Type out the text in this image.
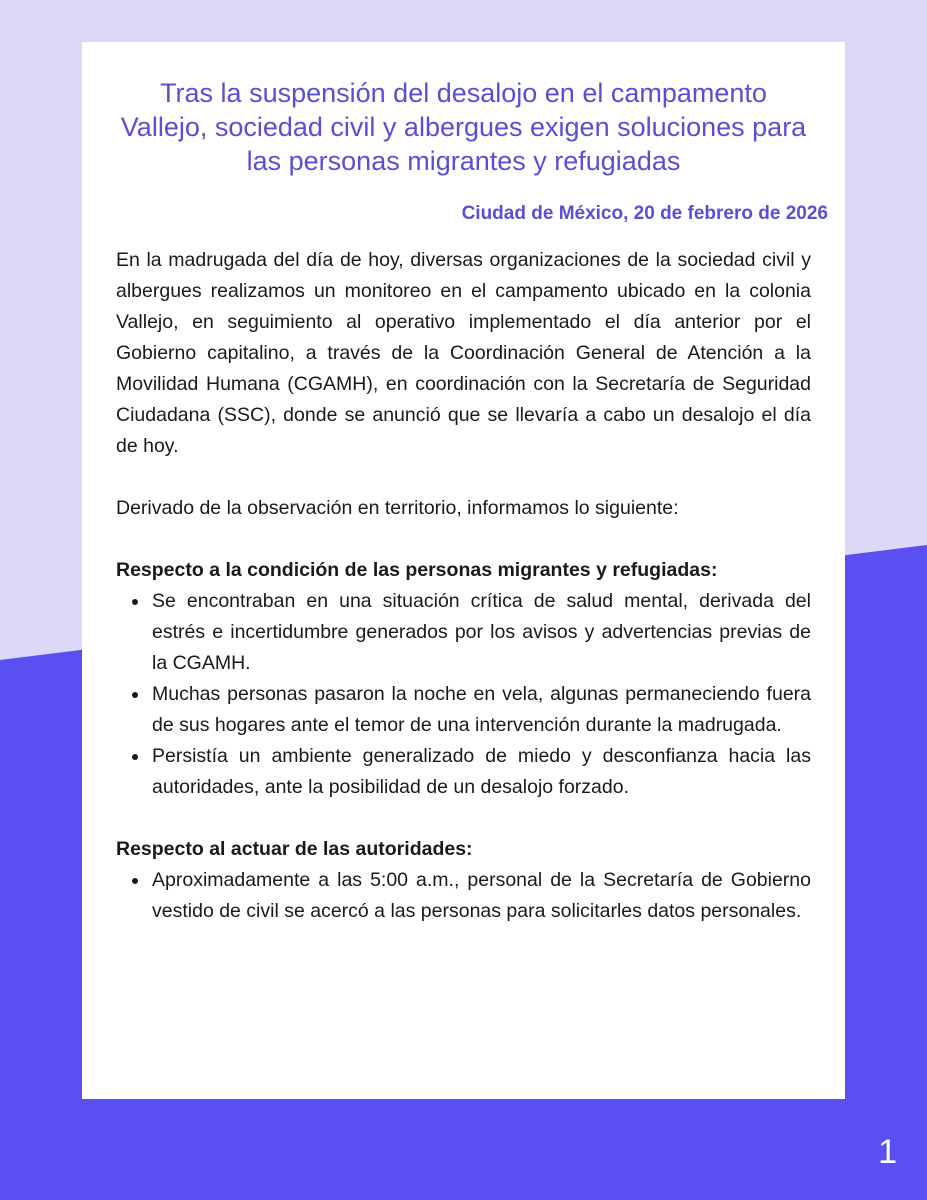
Tras la suspensión del desalojo en el campamento Vallejo, sociedad civil y albergues exigen soluciones para las personas migrantes y refugiadas
Ciudad de México, 20 de febrero de 2026

En la madrugada del día de hoy, diversas organizaciones de la sociedad civil y albergues realizamos un monitoreo en el campamento ubicado en la colonia Vallejo, en seguimiento al operativo implementado el día anterior por el Gobierno capitalino, a través de la Coordinación General de Atención a la Movilidad Humana (CGAMH), en coordinación con la Secretaría de Seguridad Ciudadana (SSC), donde se anunció que se llevaría a cabo un desalojo el día de hoy.

Derivado de la observación en territorio, informamos lo siguiente:

Respecto a la condición de las personas migrantes y refugiadas:

• Se encontraban en una situación crítica de salud mental, derivada del estrés e incertidumbre generados por los avisos y advertencias previas de la CGAMH.
• Muchas personas pasaron la noche en vela, algunas permaneciendo fuera de sus hogares ante el temor de una intervención durante la madrugada.
• Persistía un ambiente generalizado de miedo y desconfianza hacia las autoridades, ante la posibilidad de un desalojo forzado.

Respecto al actuar de las autoridades:

• Aproximadamente a las 5:00 a.m., personal de la Secretaría de Gobierno vestido de civil se acercó a las personas para solicitarles datos personales.
1
